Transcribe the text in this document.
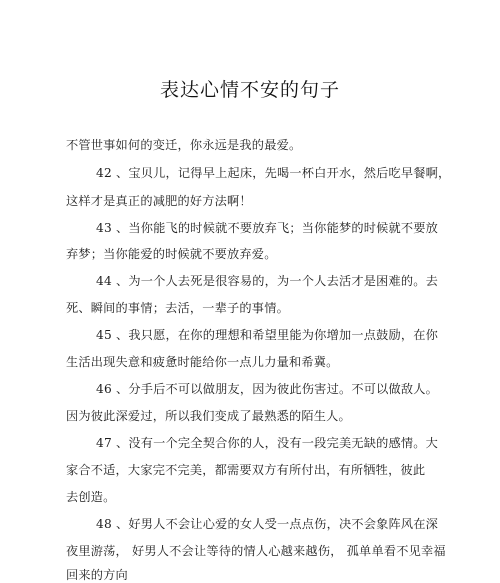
表达心情不安的句子
不管世事如何的变迁，你永远是我的最爱。
42 、宝贝儿，记得早上起床，先喝一杯白开水，然后吃早餐啊，
这样才是真正的减肥的好方法啊！
43 、当你能飞的时候就不要放弃飞；当你能梦的时候就不要放
弃梦；当你能爱的时候就不要放弃爱。
44 、为一个人去死是很容易的，为一个人去活才是困难的。去
死、瞬间的事情；去活，一辈子的事情。
45 、我只愿，在你的理想和希望里能为你增加一点鼓励，在你
生活出现失意和疲惫时能给你一点儿力量和希冀。
46 、分手后不可以做朋友，因为彼此伤害过。不可以做敌人。
因为彼此深爱过，所以我们变成了最熟悉的陌生人。
47 、没有一个完全契合你的人，没有一段完美无缺的感情。大
家合不适，大家完不完美，都需要双方有所付出，有所牺牲，彼此
去创造。
48 、好男人不会让心爱的女人受一点点伤，决不会象阵风在深
夜里游荡， 好男人不会让等待的情人心越来越伤， 孤单单看不见幸福
回来的方向
